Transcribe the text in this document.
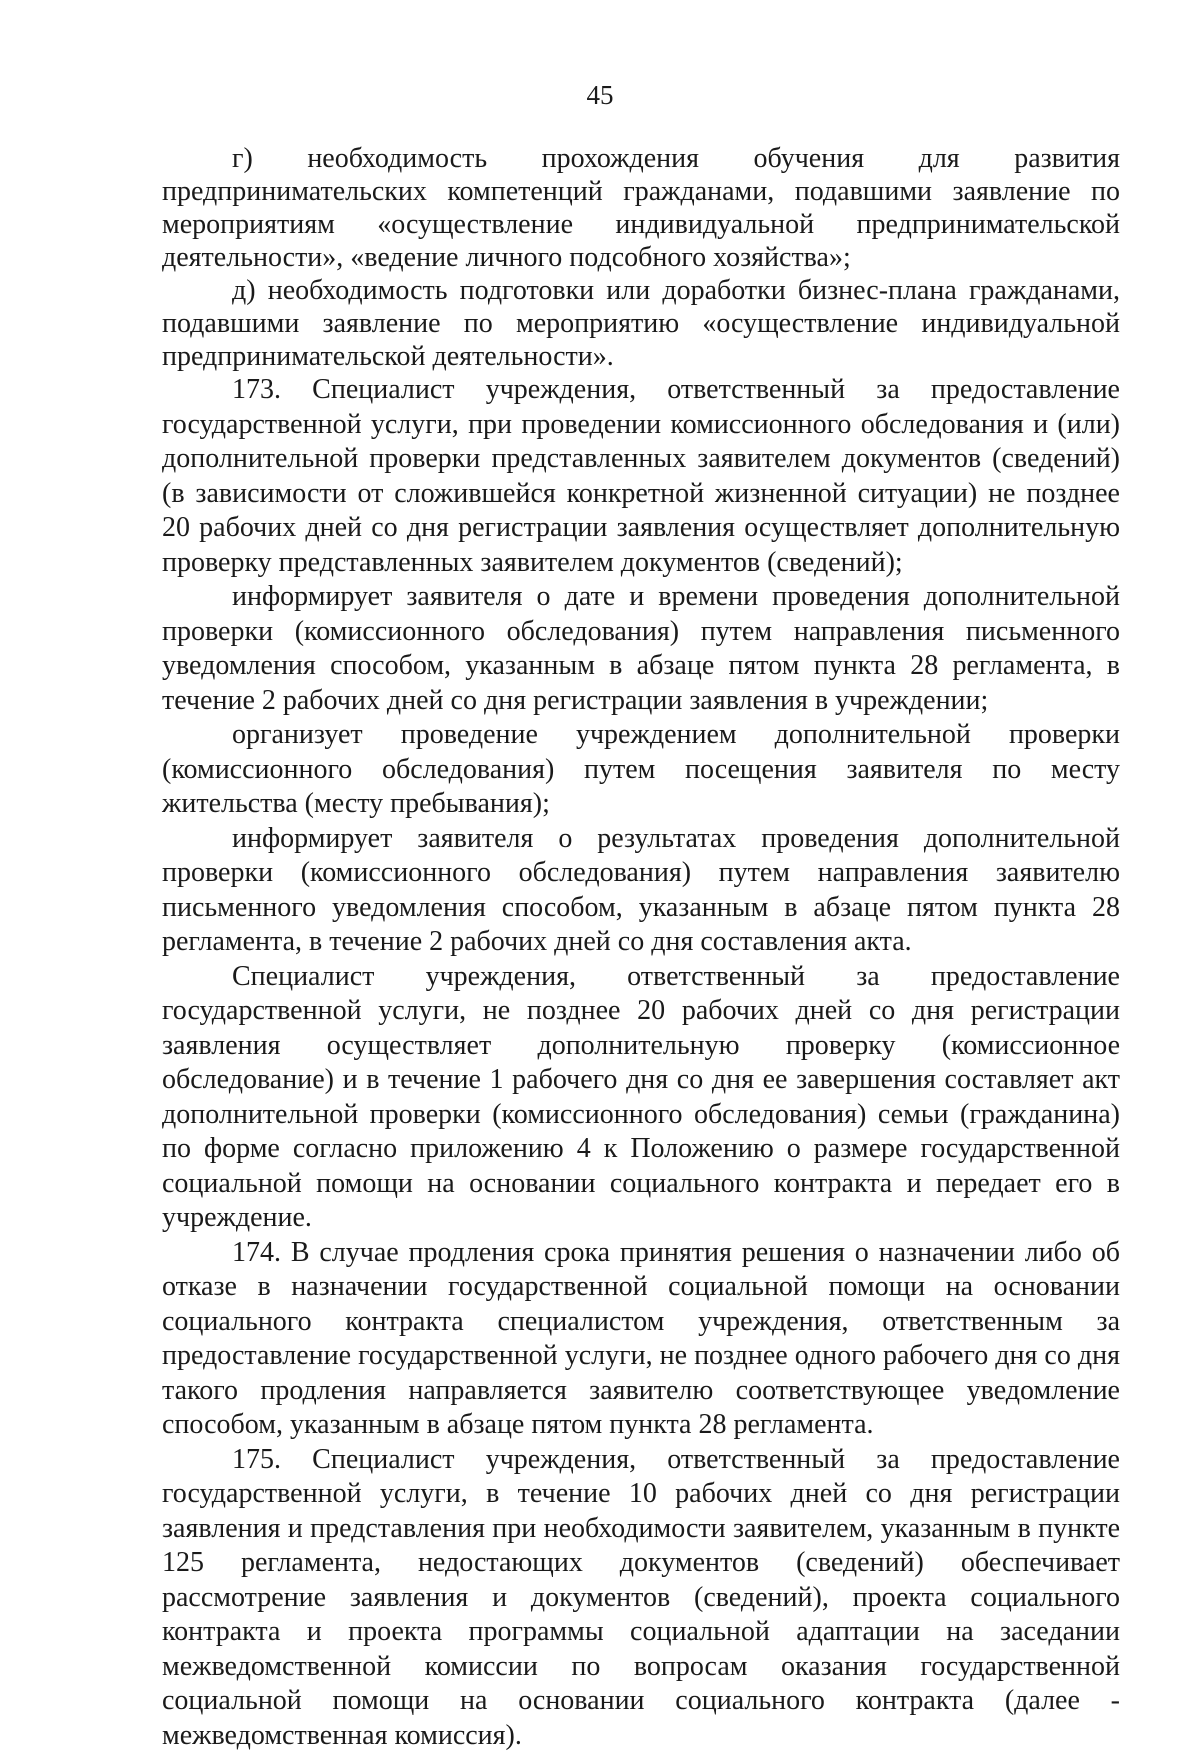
45

г) необходимость прохождения обучения для развития предпринимательских компетенций гражданами, подавшими заявление по мероприятиям «осуществление индивидуальной предпринимательской деятельности», «ведение личного подсобного хозяйства»;

д) необходимость подготовки или доработки бизнес-плана гражданами, подавшими заявление по мероприятию «осуществление индивидуальной предпринимательской деятельности».

173. Специалист учреждения, ответственный за предоставление государственной услуги, при проведении комиссионного обследования и (или) дополнительной проверки представленных заявителем документов (сведений) (в зависимости от сложившейся конкретной жизненной ситуации) не позднее 20 рабочих дней со дня регистрации заявления осуществляет дополнительную проверку представленных заявителем документов (сведений);

информирует заявителя о дате и времени проведения дополнительной проверки (комиссионного обследования) путем направления письменного уведомления способом, указанным в абзаце пятом пункта 28 регламента, в течение 2 рабочих дней со дня регистрации заявления в учреждении;

организует проведение учреждением дополнительной проверки (комиссионного обследования) путем посещения заявителя по месту жительства (месту пребывания);

информирует заявителя о результатах проведения дополнительной проверки (комиссионного обследования) путем направления заявителю письменного уведомления способом, указанным в абзаце пятом пункта 28 регламента, в течение 2 рабочих дней со дня составления акта.

Специалист учреждения, ответственный за предоставление государственной услуги, не позднее 20 рабочих дней со дня регистрации заявления осуществляет дополнительную проверку (комиссионное обследование) и в течение 1 рабочего дня со дня ее завершения составляет акт дополнительной проверки (комиссионного обследования) семьи (гражданина) по форме согласно приложению 4 к Положению о размере государственной социальной помощи на основании социального контракта и передает его в учреждение.

174. В случае продления срока принятия решения о назначении либо об отказе в назначении государственной социальной помощи на основании социального контракта специалистом учреждения, ответственным за предоставление государственной услуги, не позднее одного рабочего дня со дня такого продления направляется заявителю соответствующее уведомление способом, указанным в абзаце пятом пункта 28 регламента.

175. Специалист учреждения, ответственный за предоставление государственной услуги, в течение 10 рабочих дней со дня регистрации заявления и представления при необходимости заявителем, указанным в пункте 125 регламента, недостающих документов (сведений) обеспечивает рассмотрение заявления и документов (сведений), проекта социального контракта и проекта программы социальной адаптации на заседании межведомственной комиссии по вопросам оказания государственной социальной помощи на основании социального контракта (далее - межведомственная комиссия).
